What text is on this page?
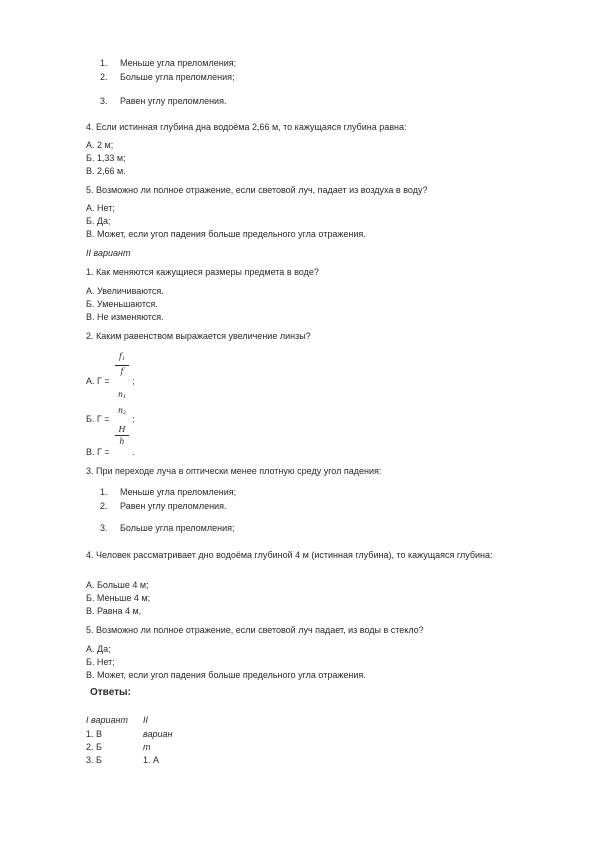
1. Меньше угла преломления;
2. Больше угла преломления;
3. Равен углу преломления.
4. Если истинная глубина дна водоёма 2,66 м, то кажущаяся глубина равна:
А. 2 м;
Б. 1,33 м;
В. 2,66 м.
5. Возможно ли полное отражение, если световой луч, падает из воздуха в воду?
А. Нет;
Б. Да;
В. Может, если угол падения больше предельного угла отражения.
II вариант
1. Как меняются кажущиеся размеры предмета в воде?
А. Увеличиваются.
Б. Уменьшаются.
В. Не изменяются.
2. Каким равенством выражается увеличение линзы?
А. Г =
$f_1$
f
;
$n_1$
Б. Г =
$n_2$
;
В. Г =
H
h
.
3. При переходе луча в оптически менее плотную среду угол падения:
1. Меньше угла преломления;
2. Равен углу преломления.
3. Больше угла преломления;
4. Человек рассматривает дно водоёма глубиной 4 м (истинная глубина), то кажущаяся глубина:
А. Больше 4 м;
Б. Меньше 4 м;
В. Равна 4 м.
5. Возможно ли полное отражение, если световой луч падает, из воды в стекло?
А. Да;
Б. Нет;
В. Может, если угол падения больше предельного угла отражения.
Ответы:
I вариант II
1. В	вариан
2. Б	т
3. Б	1. А
